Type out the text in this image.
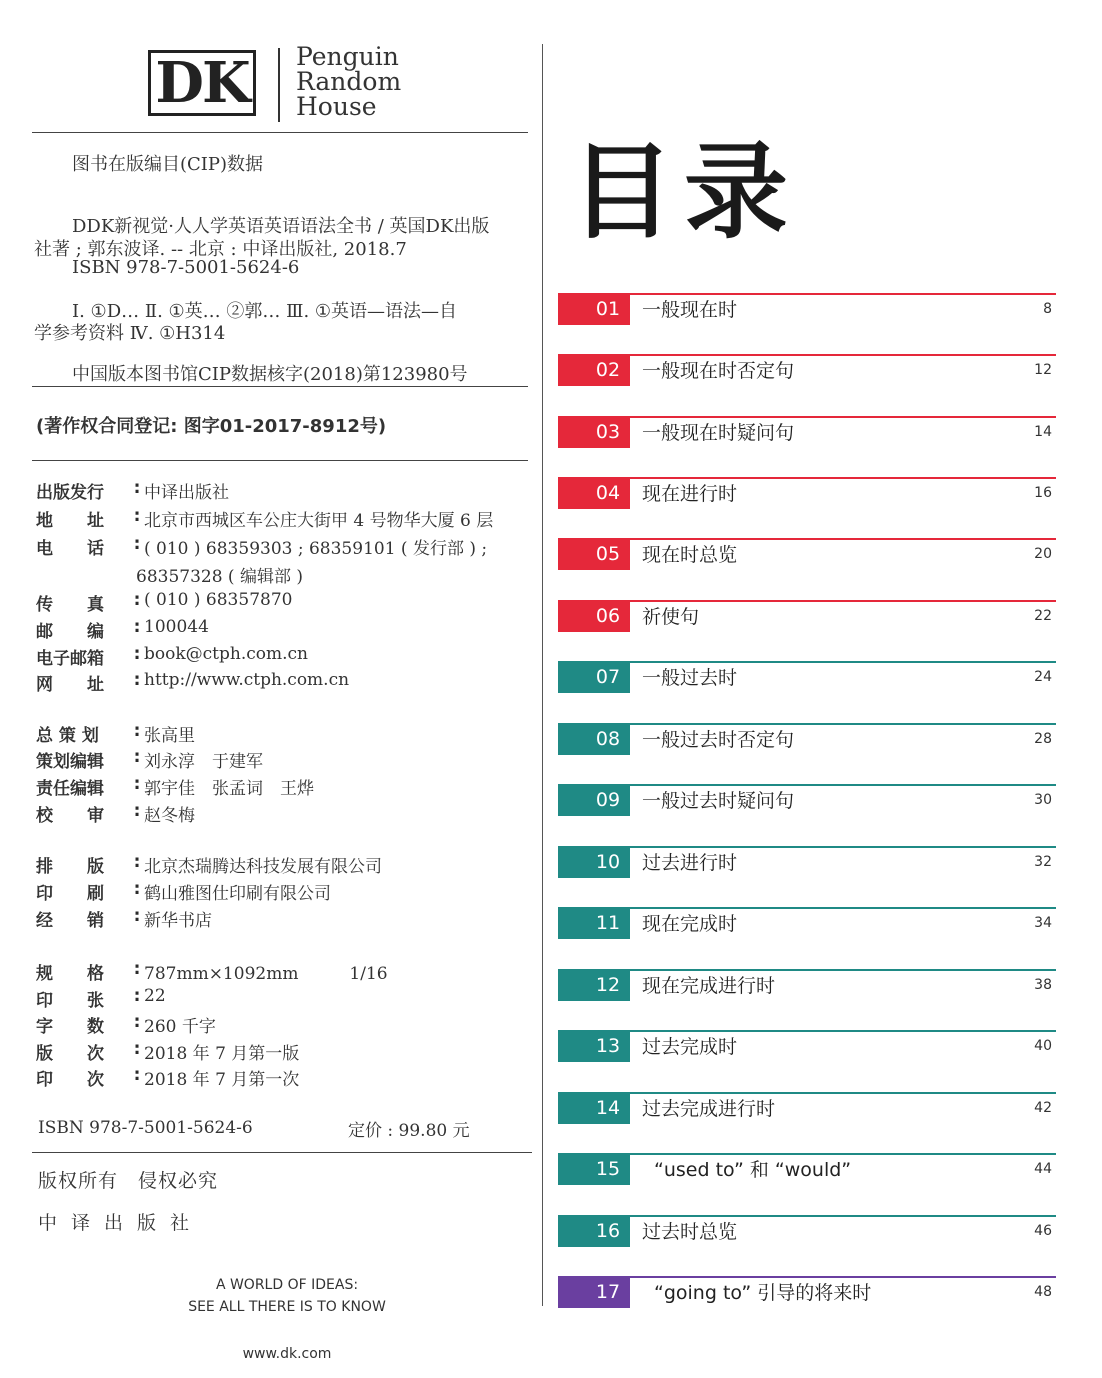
DK Penguin
Random
House
图书在版编目(CIP)数据
DDK新视觉·人人学英语英语语法全书 / 英国DK出版
社著 ; 郭东波译. -- 北京 : 中译出版社, 2018.7
ISBN 978-7-5001-5624-6
Ⅰ. ①D… Ⅱ. ①英… ②郭… Ⅲ. ①英语—语法—自
学参考资料 Ⅳ. ①H314
中国版本图书馆CIP数据核字(2018)第123980号
(著作权合同登记: 图字01-2017-8912号)
出版发行	: 中译出版社
地　　址	: 北京市西城区车公庄大街甲 4 号物华大厦 6 层
电　　话	: ( 010 ) 68359303 ; 68359101 ( 发行部 ) ;
68357328 ( 编辑部 )
传　　真	: ( 010 ) 68357870
邮　　编	: 100044
电子邮箱	: book@ctph.com.cn
网　　址	: http://www.ctph.com.cn
总 策 划	: 张高里
策划编辑	: 刘永淳　于建军
责任编辑	: 郭宇佳　张孟词　王烨
校　　审	: 赵冬梅
排　　版	: 北京杰瑞腾达科技发展有限公司
印　　刷	: 鹤山雅图仕印刷有限公司
经　　销	: 新华书店
规　　格	: 787mm×1092mm　　　1/16
印　　张	: 22
字　　数	: 260 千字
版　　次	: 2018 年 7 月第一版
印　　次	: 2018 年 7 月第一次
ISBN 978-7-5001-5624-6	定价 : 99.80 元
版权所有　侵权必究
中译出版社
A WORLD OF IDEAS:
SEE ALL THERE IS TO KNOW
www.dk.com
目录
01	一般现在时	8
02	一般现在时否定句	12
03	一般现在时疑问句	14
04	现在进行时	16
05	现在时总览	20
06	祈使句	22
07	一般过去时	24
08	一般过去时否定句	28
09	一般过去时疑问句	30
10	过去进行时	32
11	现在完成时	34
12	现在完成进行时	38
13	过去完成时	40
14	过去完成进行时	42
15	“used to” 和 “would”	44
16	过去时总览	46
17	“going to” 引导的将来时	48
